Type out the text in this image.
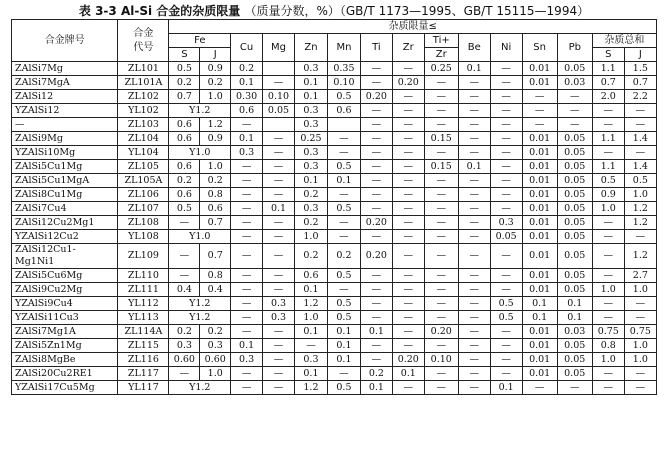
表 3-3 Al-Si 合金的杂质限量 （质量分数，%）（GB/T 1173—1995、GB/T 15115—1994）
合金牌号	合金
代号	杂质限量≤														
		Fe		Cu	Mg	Zn	Mn	Ti	Zr	Ti+	Be	Ni	Sn	Pb	杂质总和	
		S	J							Zr					S	J
ZAlSi7Mg	ZL101	0.5	0.9	0.2		0.3	0.35	—	—	0.25	0.1	—	0.01	0.05	1.1	1.5
ZAlSi7MgA	ZL101A	0.2	0.2	0.1	—	0.1	0.10	—	0.20	—	—	—	0.01	0.03	0.7	0.7
ZAlSi12	ZL102	0.7	1.0	0.30	0.10	0.1	0.5	0.20	—	—	—	—	—	—	2.0	2.2
YZAlSi12	YL102	Y1.2		0.6	0.05	0.3	0.6	—	—	—	—	—	—	—	—	—
—	ZL103	0.6	1.2	—		0.3		—	—	—	—	—	—	—	—	—
ZAlSi9Mg	ZL104	0.6	0.9	0.1	—	0.25	—	—	—	0.15	—	—	0.01	0.05	1.1	1.4
YZAlSi10Mg	YL104	Y1.0		0.3	—	0.3	—	—	—	—	—	—	0.01	0.05	—	—
ZAlSi5Cu1Mg	ZL105	0.6	1.0	—	—	0.3	0.5	—	—	0.15	0.1	—	0.01	0.05	1.1	1.4
ZAlSi5Cu1MgA	ZL105A	0.2	0.2	—	—	0.1	0.1	—	—	—	—	—	0.01	0.05	0.5	0.5
ZAlSi8Cu1Mg	ZL106	0.6	0.8	—	—	0.2	—	—	—	—	—	—	0.01	0.05	0.9	1.0
ZAlSi7Cu4	ZL107	0.5	0.6	—	0.1	0.3	0.5	—	—	—	—	—	0.01	0.05	1.0	1.2
ZAlSi12Cu2Mg1	ZL108	—	0.7	—	—	0.2	—	0.20	—	—	—	0.3	0.01	0.05	—	1.2
YZAlSi12Cu2	YL108	Y1.0		—	—	1.0	—	—	—	—	—	0.05	0.01	0.05	—	—
ZAlSi12Cu1-
Mg1Ni1	ZL109	—	0.7	—	—	0.2	0.2	0.20	—	—	—	—	0.01	0.05	—	1.2
ZAlSi5Cu6Mg	ZL110	—	0.8	—	—	0.6	0.5	—	—	—	—	—	0.01	0.05	—	2.7
ZAlSi9Cu2Mg	ZL111	0.4	0.4	—	—	0.1	—	—	—	—	—	—	0.01	0.05	1.0	1.0
YZAlSi9Cu4	YL112	Y1.2		—	0.3	1.2	0.5	—	—	—	—	0.5	0.1	0.1	—	—
YZAlSi11Cu3	YL113	Y1.2		—	0.3	1.0	0.5	—	—	—	—	0.5	0.1	0.1	—	—
ZAlSi7Mg1A	ZL114A	0.2	0.2	—	—	0.1	0.1	0.1	—	0.20	—	—	0.01	0.03	0.75	0.75
ZAlSi5Zn1Mg	ZL115	0.3	0.3	0.1	—	—	0.1	—	—	—	—	—	0.01	0.05	0.8	1.0
ZAlSi8MgBe	ZL116	0.60	0.60	0.3	—	0.3	0.1	—	0.20	0.10	—	—	0.01	0.05	1.0	1.0
ZAlSi20Cu2RE1	ZL117	—	1.0	—	—	0.1	—	0.2	0.1	—	—	—	0.01	0.05	—	—
YZAlSi17Cu5Mg	YL117	Y1.2		—	—	1.2	0.5	0.1	—	—	—	0.1	—	—	—	—
